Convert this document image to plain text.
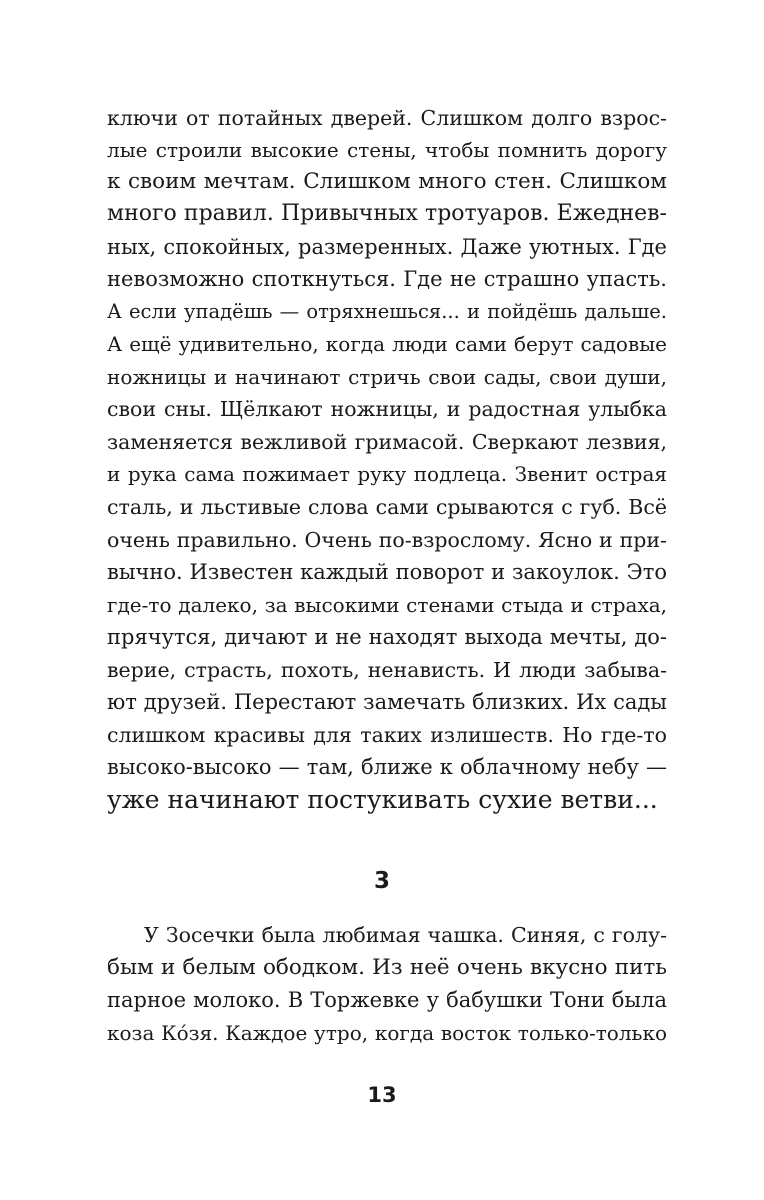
ключи от потайных дверей. Слишком долго взрос-
лые строили высокие стены, чтобы помнить дорогу
к своим мечтам. Слишком много стен. Слишком
много правил. Привычных тротуаров. Ежеднев-
ных, спокойных, размеренных. Даже уютных. Где
невозможно споткнуться. Где не страшно упасть.
А если упадёшь — отряхнешься... и пойдёшь дальше.
А ещё удивительно, когда люди сами берут садовые
ножницы и начинают стричь свои сады, свои души,
свои сны. Щёлкают ножницы, и радостная улыбка
заменяется вежливой гримасой. Сверкают лезвия,
и рука сама пожимает руку подлеца. Звенит острая
сталь, и льстивые слова сами срываются с губ. Всё
очень правильно. Очень по-взрослому. Ясно и при-
вычно. Известен каждый поворот и закоулок. Это
где-то далеко, за высокими стенами стыда и страха,
прячутся, дичают и не находят выхода мечты, до-
верие, страсть, похоть, ненависть. И люди забыва-
ют друзей. Перестают замечать близких. Их сады
слишком красивы для таких излишеств. Но где-то
высоко-высоко — там, ближе к облачному небу —
уже начинают постукивать сухие ветви...
3
У Зосечки была любимая чашка. Синяя, с голу-
бым и белым ободком. Из неё очень вкусно пить
парное молоко. В Торжевке у бабушки Тони была
коза Ко́зя. Каждое утро, когда восток только-только
13
